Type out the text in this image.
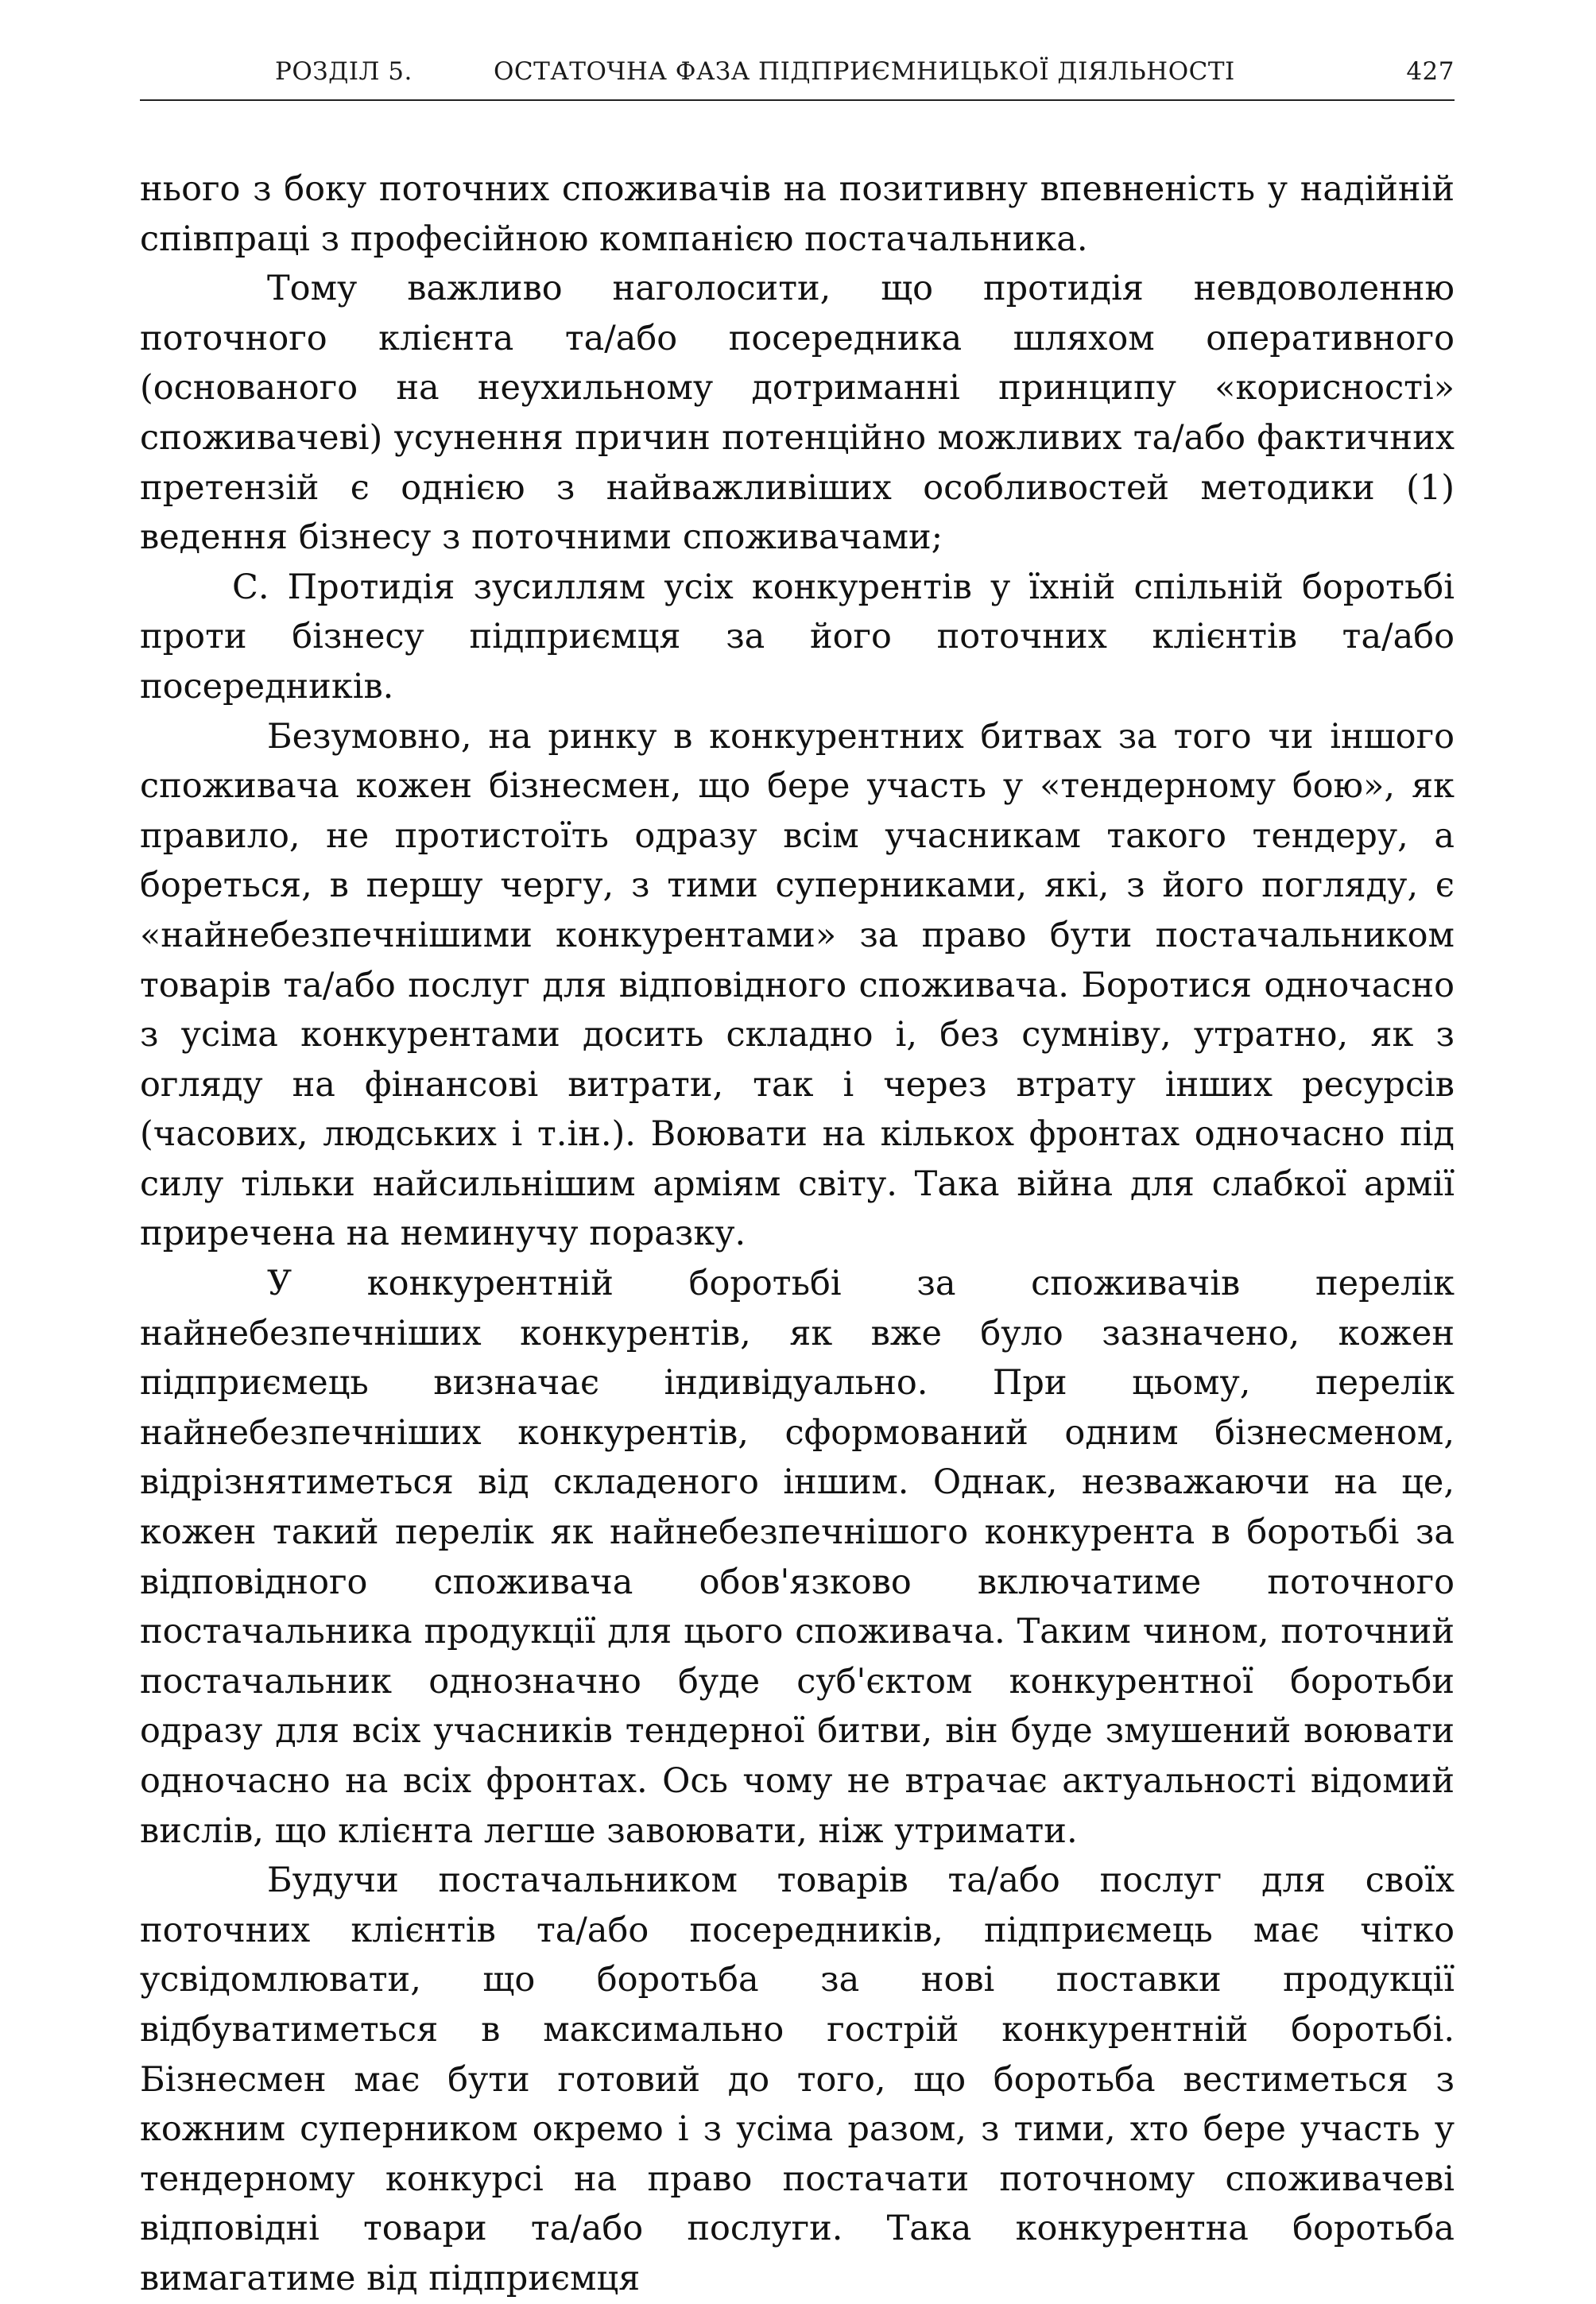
РОЗДІЛ 5.	ОСТАТОЧНА ФАЗА ПІДПРИЄМНИЦЬКОЇ ДІЯЛЬНОСТІ	427

нього з боку поточних споживачів на позитивну впевненість у надійній співпраці з професійною компанією постачальника.

Тому важливо наголосити, що протидія невдоволенню поточного клієнта та/або посередника шляхом оперативного (основаного на неухильному дотриманні принципу «корисності» споживачеві) усунення причин потенційно можливих та/або фактичних претензій є однією з найважливіших особливостей методики (1) ведення бізнесу з поточними споживачами;

С. Протидія зусиллям усіх конкурентів у їхній спільній боротьбі проти бізнесу підприємця за його поточних клієнтів та/або посередників.

Безумовно, на ринку в конкурентних битвах за того чи іншого споживача кожен бізнесмен, що бере участь у «тендерному бою», як правило, не протистоїть одразу всім учасникам такого тендеру, а бореться, в першу чергу, з тими суперниками, які, з його погляду, є «найнебезпечнішими конкурентами» за право бути постачальником товарів та/або послуг для відповідного споживача. Боротися одночасно з усіма конкурентами досить складно і, без сумніву, утратно, як з огляду на фінансові витрати, так і через втрату інших ресурсів (часових, людських і т.ін.). Воювати на кількох фронтах одночасно під силу тільки найсильнішим арміям світу. Така війна для слабкої армії приречена на неминучу поразку.

У конкурентній боротьбі за споживачів перелік найнебезпечніших конкурентів, як вже було зазначено, кожен підприємець визначає індивідуально. При цьому, перелік найнебезпечніших конкурентів, сформований одним бізнесменом, відрізнятиметься від складеного іншим. Однак, незважаючи на це, кожен такий перелік як найнебезпечнішого конкурента в боротьбі за відповідного споживача обов'язково включатиме поточного постачальника продукції для цього споживача. Таким чином, поточний постачальник однозначно буде суб'єктом конкурентної боротьби одразу для всіх учасників тендерної битви, він буде змушений воювати одночасно на всіх фронтах. Ось чому не втрачає актуальності відомий вислів, що клієнта легше завоювати, ніж утримати.

Будучи постачальником товарів та/або послуг для своїх поточних клієнтів та/або посередників, підприємець має чітко усвідомлювати, що боротьба за нові поставки продукції відбуватиметься в максимально гострій конкурентній боротьбі. Бізнесмен має бути готовий до того, що боротьба вестиметься з кожним суперником окремо і з усіма разом, з тими, хто бере участь у тендерному конкурсі на право постачати поточному споживачеві відповідні товари та/або послуги. Така конкурентна боротьба вимагатиме від підприємця
